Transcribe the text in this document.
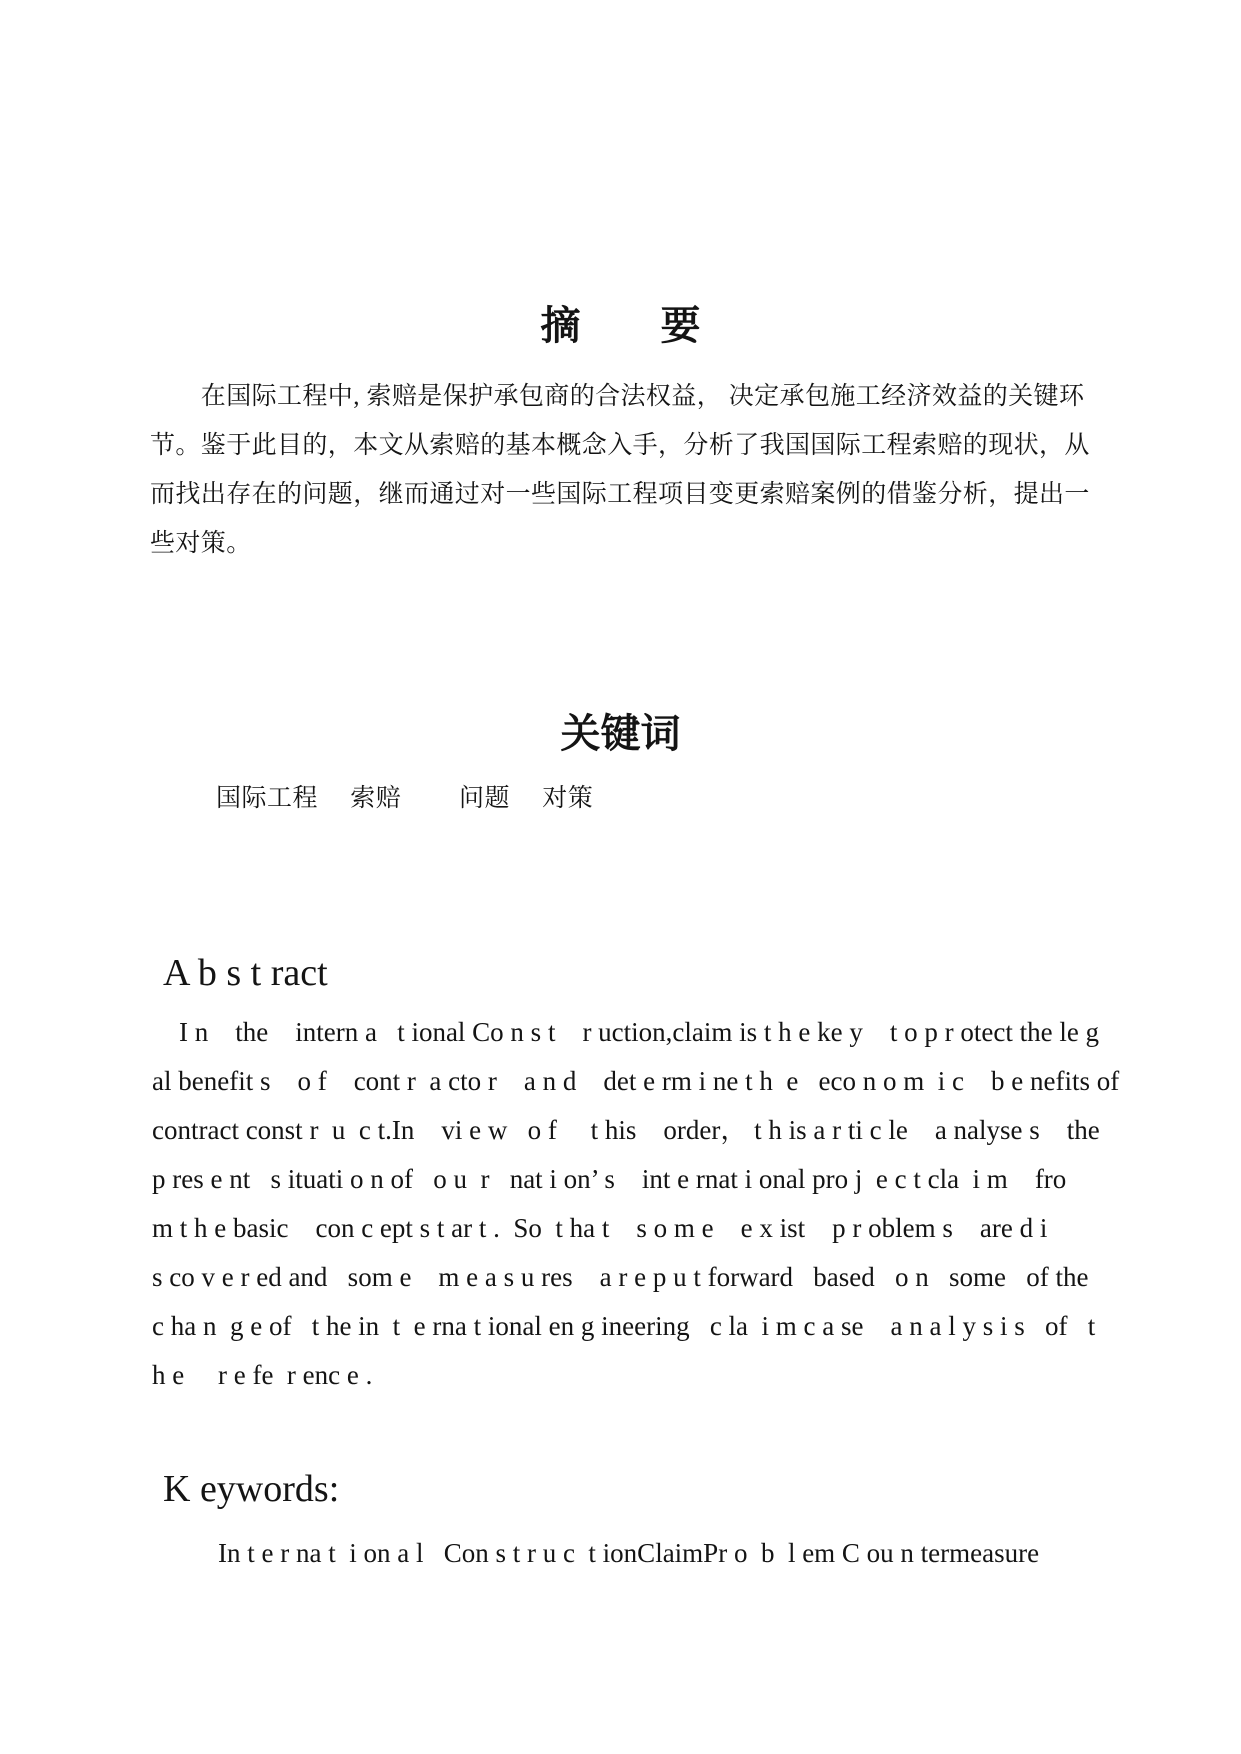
摘　　要
　　在国际工程中, 索赔是保护承包商的合法权益， 决定承包施工经济效益的关键环
节。鉴于此目的，本文从索赔的基本概念入手，分析了我国国际工程索赔的现状，从
而找出存在的问题，继而通过对一些国际工程项目变更索赔案例的借鉴分析，提出一
些对策。
关键词
国际工程　 索赔　　 问题　 对策
A b s t ract
I n    the    intern a   t ional Co n s t    r uction,claim is t h e ke y    t o p r otect the le g
al benefit s    o f    cont r  a cto r    a n d    det e rm i ne t h  e   eco n o m  i c    b e nefits of
contract const r  u  c t.In    vi e w   o f     t his    order， t h is a r ti c le    a nalyse s    the
p res e nt   s ituati o n of   o u  r   nat i on’ s    int e rnat i onal pro j  e c t cla  i m    fro
m t h e basic    con c ept s t ar t .  So  t ha t    s o m e    e x ist    p r oblem s    are d i
s co v e r ed and   som e    m e a s u res    a r e p u t forward   based   o n   some   of the
c ha n  g e of   t he in  t  e rna t ional en g ineering   c la  i m c a se    a n a l y s i s   of   t
h e     r e fe  r enc e .
K eywords:
In t e r na t  i on a l   Con s t r u c  t ionClaimPr o  b  l em C ou n termeasure
